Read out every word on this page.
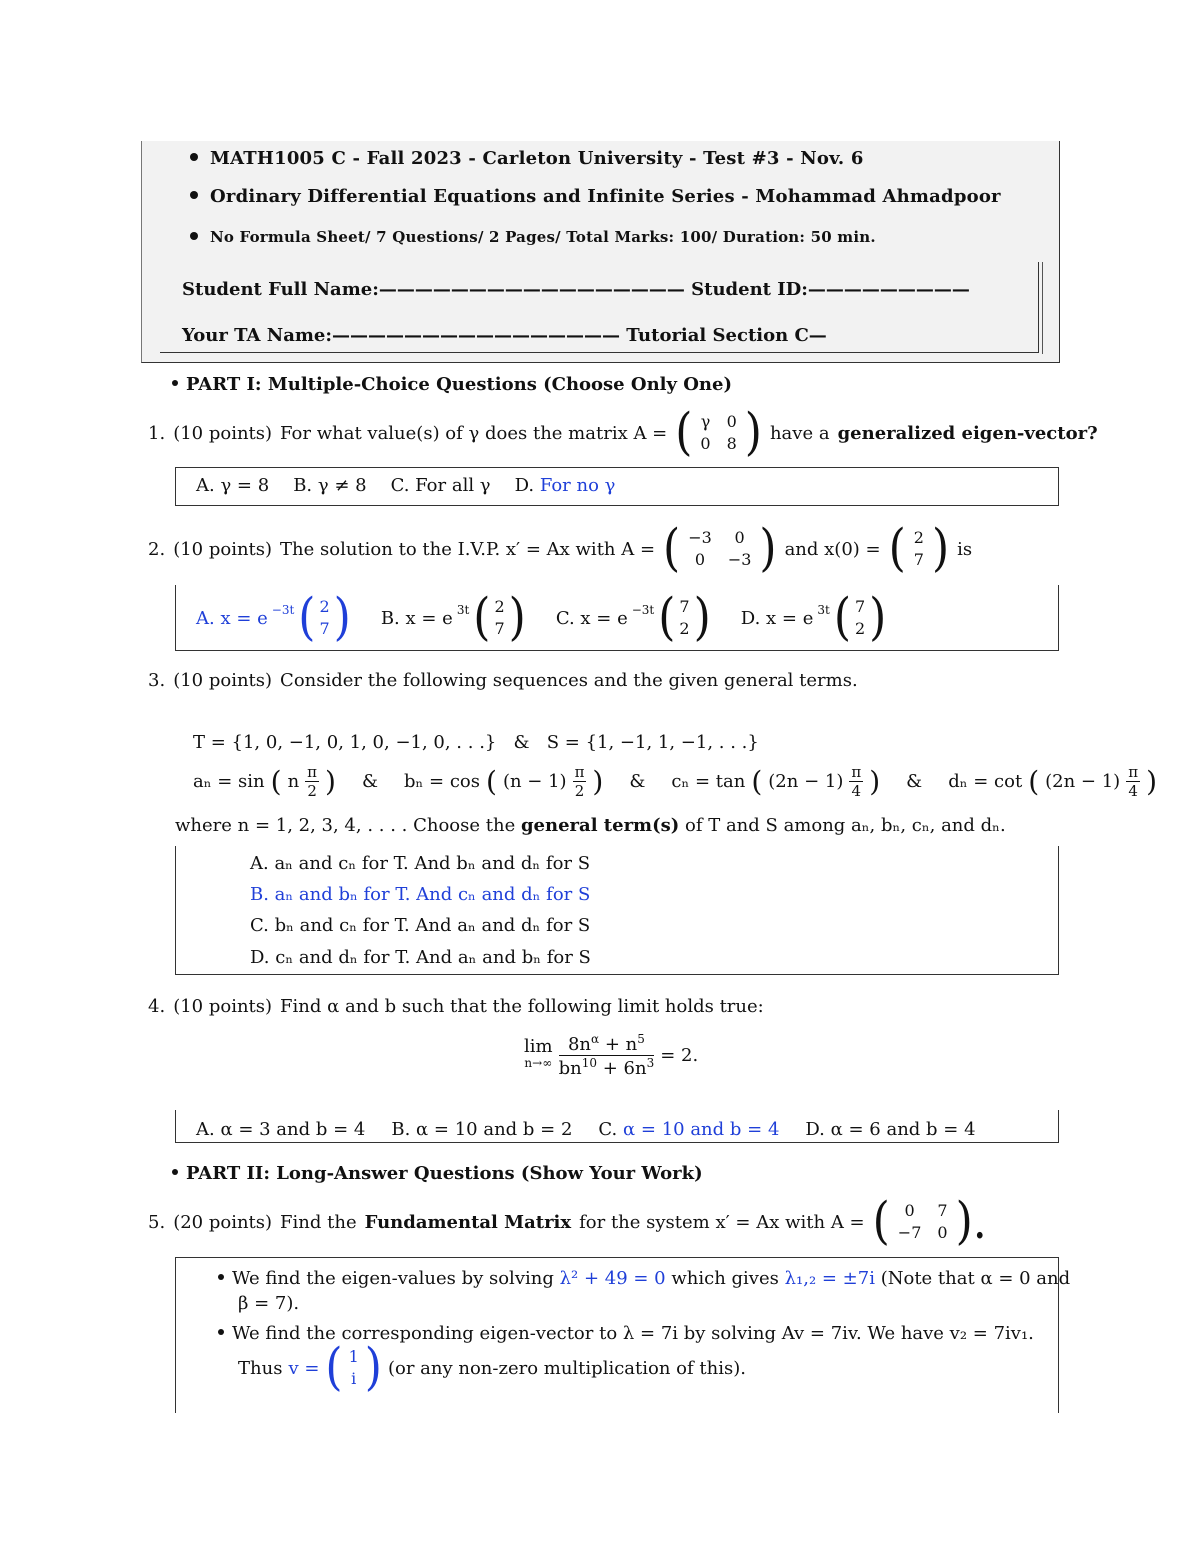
MATH1005 C - Fall 2023 - Carleton University - Test #3 - Nov. 6
Ordinary Differential Equations and Infinite Series - Mohammad Ahmadpoor
No Formula Sheet/ 7 Questions/ 2 Pages/ Total Marks: 100/ Duration: 50 min.
Student Full Name:————————————————— Student ID:—————————
Your TA Name:———————————————— Tutorial Section C—
PART I: Multiple-Choice Questions (Choose Only One)
1. (10 points) For what value(s) of γ does the matrix A = ( γ 0
0 8 ) have a generalized eigen-vector?
A. γ = 8 B. γ ≠ 8 C. For all γ D. For no γ
2. (10 points) The solution to the I.V.P. x′ = Ax with A = ( −3	0
0	−3 ) and x(0) = ( 2
7 ) is
A. x = e $^{-3t}$ ( 2
7 ) B. x = e $^{3t}$ ( 2
7 ) C. x = e $^{-3t}$ ( 7
2 ) D. x = e $^{3t}$ ( 7
2 )
3. (10 points) Consider the following sequences and the given general terms.
T = {1, 0, −1, 0, 1, 0, −1, 0, . . .}   &   S = {1, −1, 1, −1, . . .}
aₙ = sin ( n $\frac{\pi}{2}$ ) & bₙ = cos ( $(n - 1) \frac{\pi}{2}$ ) & cₙ = tan ( $(2n - 1) \frac{\pi}{4}$ ) & dₙ = cot ( $(2n - 1) \frac{\pi}{4}$ )
where n = 1, 2, 3, 4, . . . . Choose the general term(s) of T and S among aₙ, bₙ, cₙ, and dₙ.
A. aₙ and cₙ for T. And bₙ and dₙ for S
B. aₙ and bₙ for T. And cₙ and dₙ for S
C. bₙ and cₙ for T. And aₙ and dₙ for S
D. cₙ and dₙ for T. And aₙ and bₙ for S
4. (10 points) Find α and b such that the following limit holds true:
lim
$n\to\infty \frac{8n^\alpha + n^5}{bn^{10} + 6n^3} = 2$.
A. α = 3 and b = 4 B. α = 10 and b = 2 C. α = 10 and b = 4 D. α = 6 and b = 4
PART II: Long-Answer Questions (Show Your Work)
5. (20 points) Find the Fundamental Matrix for the system x′ = Ax with A = ( 0	7
−7 0 ).
We find the eigen-values by solving λ² + 49 = 0 which gives λ₁,₂ = ±7i (Note that α = 0 and
β = 7).
We find the corresponding eigen-vector to λ = 7i by solving Av = 7iv. We have v₂ = 7iv₁.
Thus v = ( 1
i ) (or any non-zero multiplication of this).
